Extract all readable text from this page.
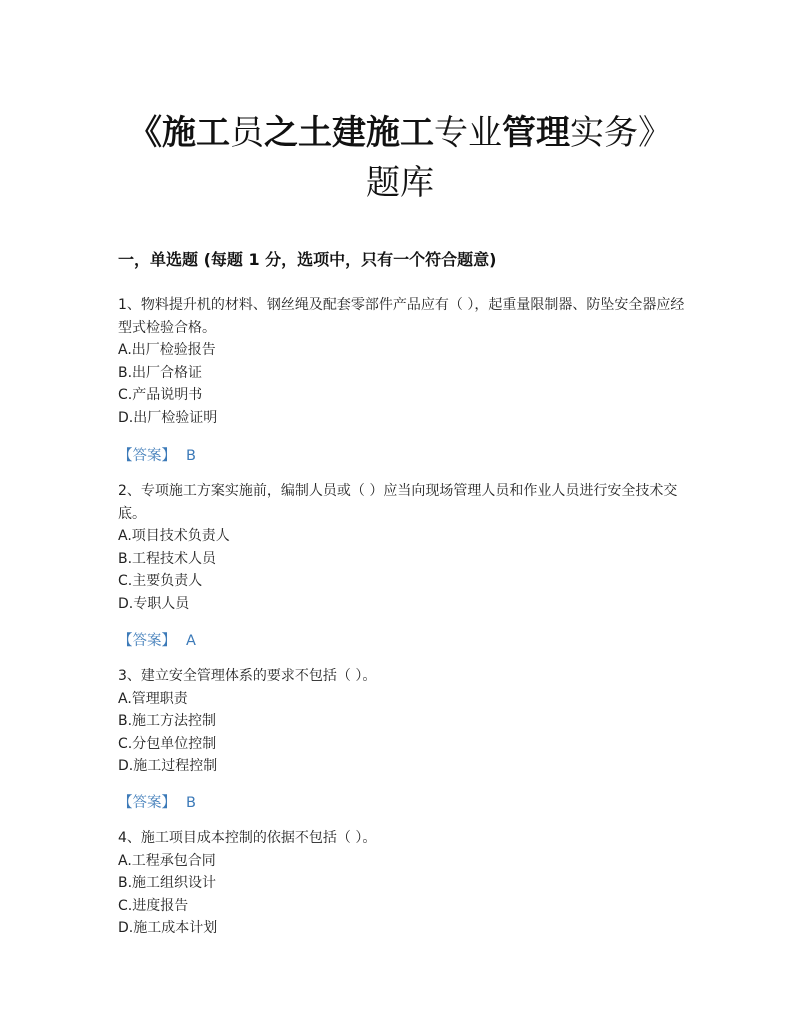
《施工员之土建施工专业管理实务》
题库
一，单选题 (每题 1 分，选项中，只有一个符合题意)

1、物料提升机的材料、钢丝绳及配套零部件产品应有（ ），起重量限制器、防坠安全器应经型式检验合格。

A.出厂检验报告

B.出厂合格证

C.产品说明书

D.出厂检验证明

【答案】 B

2、专项施工方案实施前，编制人员或（ ）应当向现场管理人员和作业人员进行安全技术交底。

A.项目技术负责人

B.工程技术人员

C.主要负责人

D.专职人员

【答案】 A

3、建立安全管理体系的要求不包括（ ）。

A.管理职责

B.施工方法控制

C.分包单位控制

D.施工过程控制

【答案】 B

4、施工项目成本控制的依据不包括（ ）。

A.工程承包合同

B.施工组织设计

C.进度报告

D.施工成本计划
